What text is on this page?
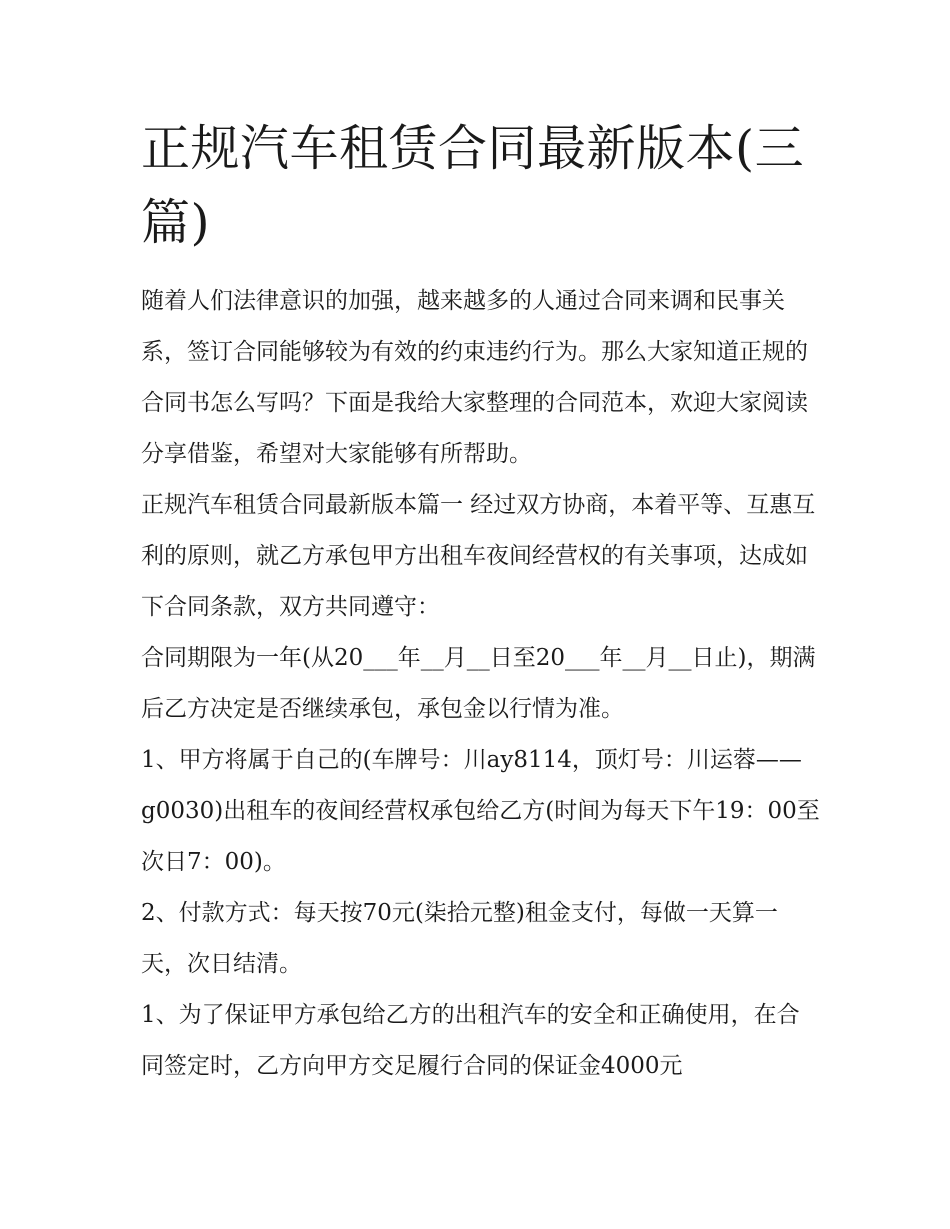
正规汽车租赁合同最新版本(三篇)

随着人们法律意识的加强，越来越多的人通过合同来调和民事关系，签订合同能够较为有效的约束违约行为。那么大家知道正规的合同书怎么写吗？下面是我给大家整理的合同范本，欢迎大家阅读分享借鉴，希望对大家能够有所帮助。

正规汽车租赁合同最新版本篇一 经过双方协商，本着平等、互惠互利的原则，就乙方承包甲方出租车夜间经营权的有关事项，达成如下合同条款，双方共同遵守：

合同期限为一年(从20___年__月__日至20___年__月__日止)，期满后乙方决定是否继续承包，承包金以行情为准。

1、甲方将属于自己的(车牌号：川ay8114，顶灯号：川运蓉——g0030)出租车的夜间经营权承包给乙方(时间为每天下午19：00至次日7：00)。

2、付款方式：每天按70元(柒拾元整)租金支付，每做一天算一天，次日结清。

1、为了保证甲方承包给乙方的出租汽车的安全和正确使用，在合同签定时，乙方向甲方交足履行合同的保证金4000元
